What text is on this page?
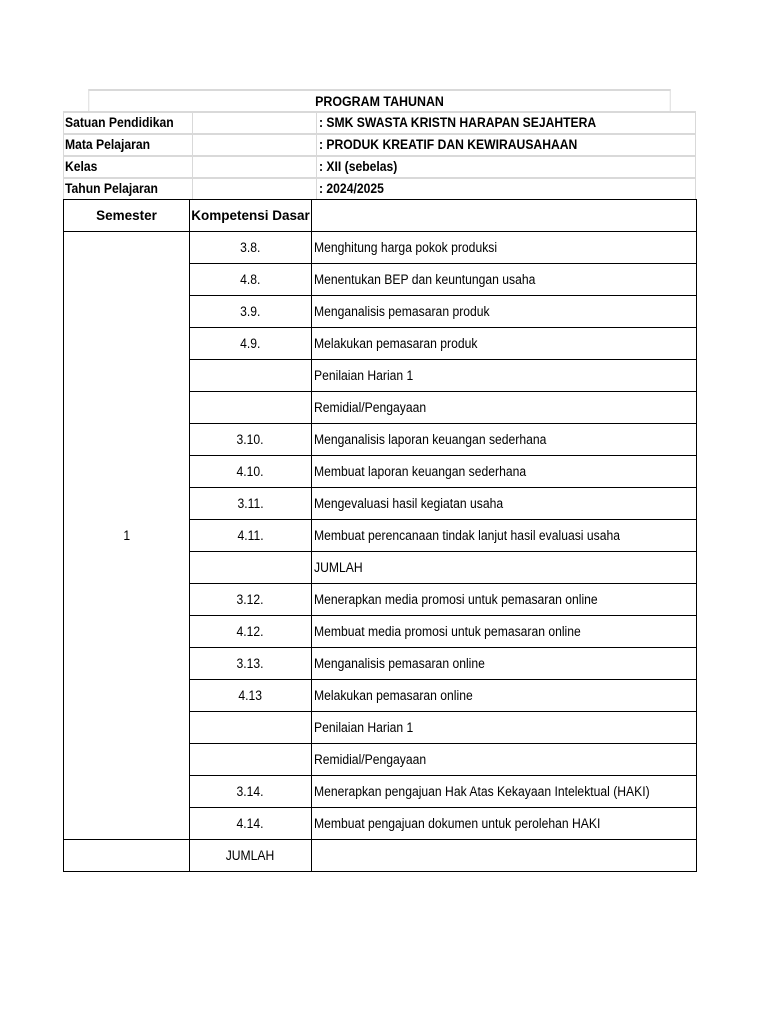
PROGRAM TAHUNAN
Satuan Pendidikan	: SMK SWASTA KRISTN HARAPAN SEJAHTERA
Mata Pelajaran	: PRODUK KREATIF DAN KEWIRAUSAHAAN
Kelas	: XII (sebelas)
Tahun Pelajaran	: 2024/2025
Semester	Kompetensi Dasar	
1	3.8.	Menghitung harga pokok produksi
	4.8.	Menentukan BEP dan keuntungan usaha
	3.9.	Menganalisis pemasaran produk
	4.9.	Melakukan pemasaran produk
		Penilaian Harian 1
		Remidial/Pengayaan
	3.10.	Menganalisis laporan keuangan sederhana
	4.10.	Membuat laporan keuangan sederhana
	3.11.	Mengevaluasi hasil kegiatan usaha
	4.11.	Membuat perencanaan tindak lanjut hasil evaluasi usaha
		JUMLAH
	3.12.	Menerapkan media promosi untuk pemasaran online
	4.12.	Membuat media promosi untuk pemasaran online
	3.13.	Menganalisis pemasaran online
	4.13	Melakukan pemasaran online
		Penilaian Harian 1
		Remidial/Pengayaan
	3.14.	Menerapkan pengajuan Hak Atas Kekayaan Intelektual (HAKI)
	4.14.	Membuat pengajuan dokumen untuk perolehan HAKI
	JUMLAH	
